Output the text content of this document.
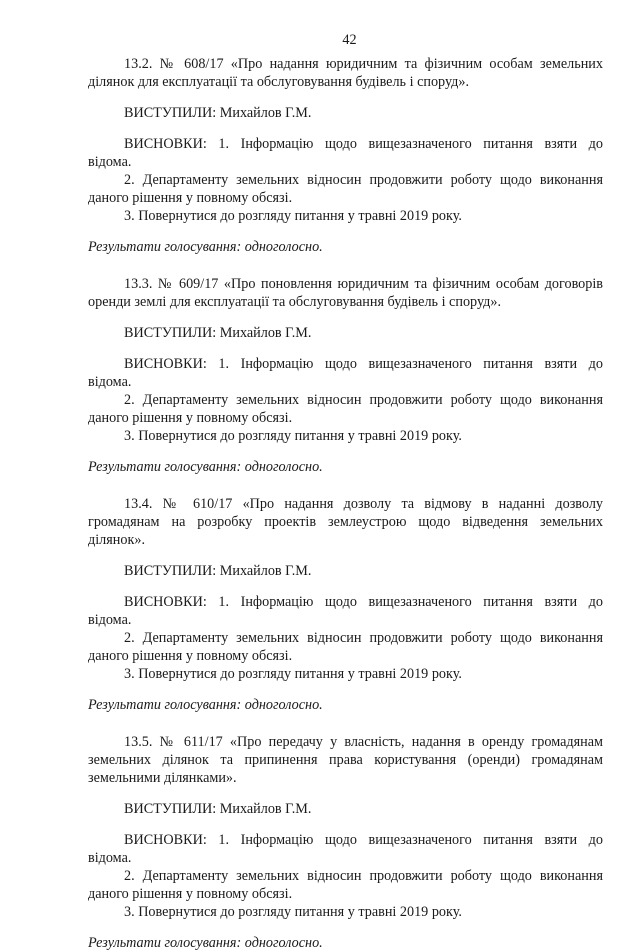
42

13.2. № 608/17 «Про надання юридичним та фізичним особам земельних ділянок для експлуатації та обслуговування будівель і споруд».

ВИСТУПИЛИ: Михайлов Г.М.

ВИСНОВКИ: 1. Інформацію щодо вищезазначеного питання взяти до відома.

2. Департаменту земельних відносин продовжити роботу щодо виконання даного рішення у повному обсязі.

3. Повернутися до розгляду питання у травні 2019 року.

Результати голосування: одноголосно.

13.3. № 609/17 «Про поновлення юридичним та фізичним особам договорів оренди землі для експлуатації та обслуговування будівель і споруд».

ВИСТУПИЛИ: Михайлов Г.М.

ВИСНОВКИ: 1. Інформацію щодо вищезазначеного питання взяти до відома.

2. Департаменту земельних відносин продовжити роботу щодо виконання даного рішення у повному обсязі.

3. Повернутися до розгляду питання у травні 2019 року.

Результати голосування: одноголосно.

13.4. № 610/17 «Про надання дозволу та відмову в наданні дозволу громадянам на розробку проектів землеустрою щодо відведення земельних ділянок».

ВИСТУПИЛИ: Михайлов Г.М.

ВИСНОВКИ: 1. Інформацію щодо вищезазначеного питання взяти до відома.

2. Департаменту земельних відносин продовжити роботу щодо виконання даного рішення у повному обсязі.

3. Повернутися до розгляду питання у травні 2019 року.

Результати голосування: одноголосно.

13.5. № 611/17 «Про передачу у власність, надання в оренду громадянам земельних ділянок та припинення права користування (оренди) громадянам земельними ділянками».

ВИСТУПИЛИ: Михайлов Г.М.

ВИСНОВКИ: 1. Інформацію щодо вищезазначеного питання взяти до відома.

2. Департаменту земельних відносин продовжити роботу щодо виконання даного рішення у повному обсязі.

3. Повернутися до розгляду питання у травні 2019 року.

Результати голосування: одноголосно.
